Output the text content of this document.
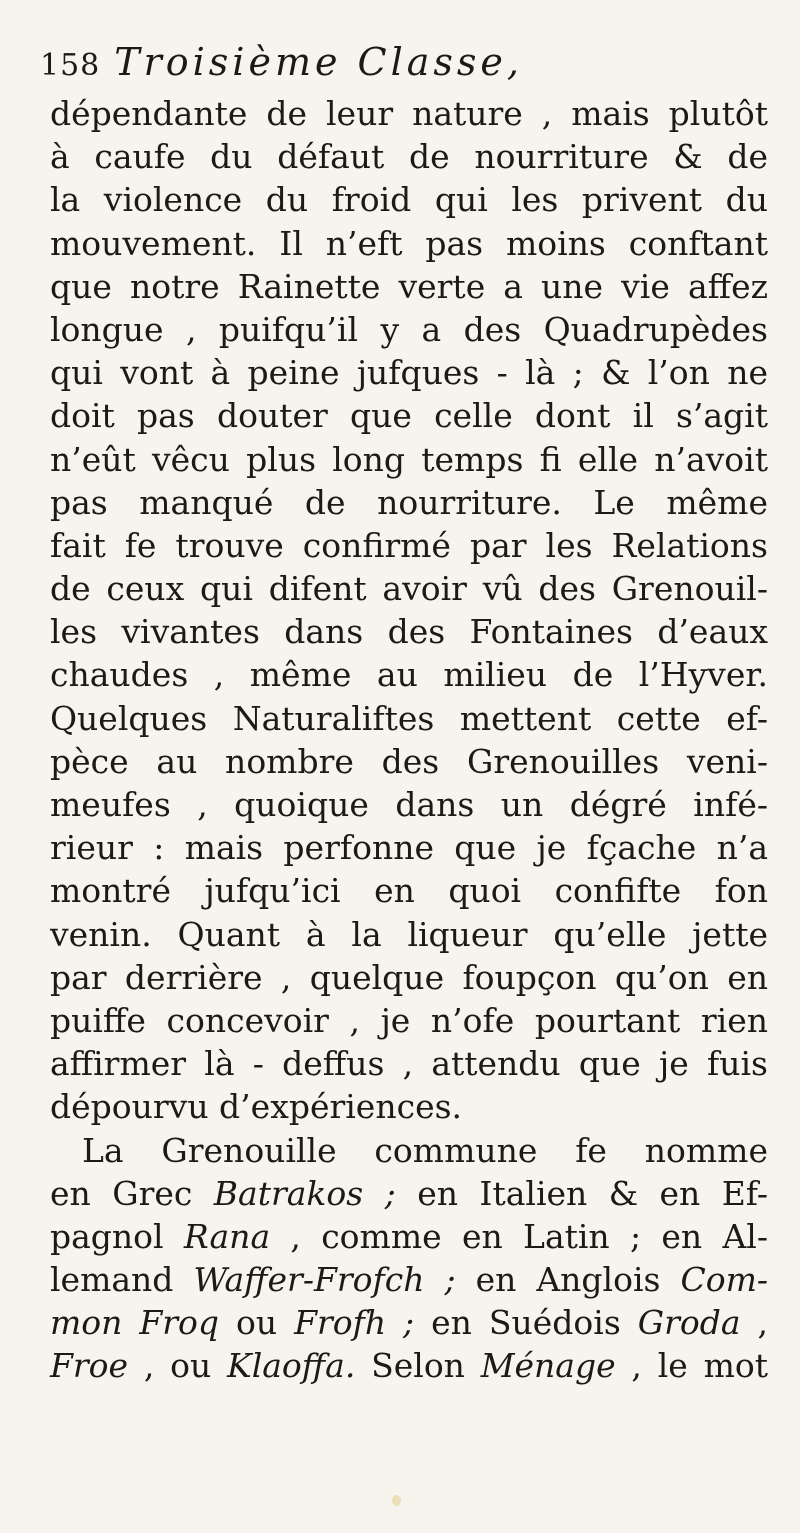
158 Troisième Classe,
dépendante de leur nature , mais plutôt
à caufe du défaut de nourriture & de
la violence du froid qui les privent du
mouvement. Il n’eft pas moins conftant
que notre Rainette verte a une vie affez
longue , puifqu’il y a des Quadrupèdes
qui vont à peine jufques - là ; & l’on ne
doit pas douter que celle dont il s’agit
n’eût vêcu plus long temps fi elle n’avoit
pas manqué de nourriture. Le même
fait fe trouve confirmé par les Relations
de ceux qui difent avoir vû des Grenouil-
les vivantes dans des Fontaines d’eaux
chaudes , même au milieu de l’Hyver.
Quelques Naturaliftes mettent cette ef-
pèce au nombre des Grenouilles veni-
meufes , quoique dans un dégré infé-
rieur : mais perfonne que je fçache n’a
montré jufqu’ici en quoi confifte fon
venin. Quant à la liqueur qu’elle jette
par derrière , quelque foupçon qu’on en
puiffe concevoir , je n’ofe pourtant rien
affirmer là - deffus , attendu que je fuis
dépourvu d’expériences.
La Grenouille commune fe nomme
en Grec Batrakos ; en Italien & en Ef-
pagnol Rana , comme en Latin ; en Al-
lemand Waffer-Frofch ; en Anglois Com-
mon Froq ou Frofh ; en Suédois Groda ,
Froe , ou Klaoffa. Selon Ménage , le mot
